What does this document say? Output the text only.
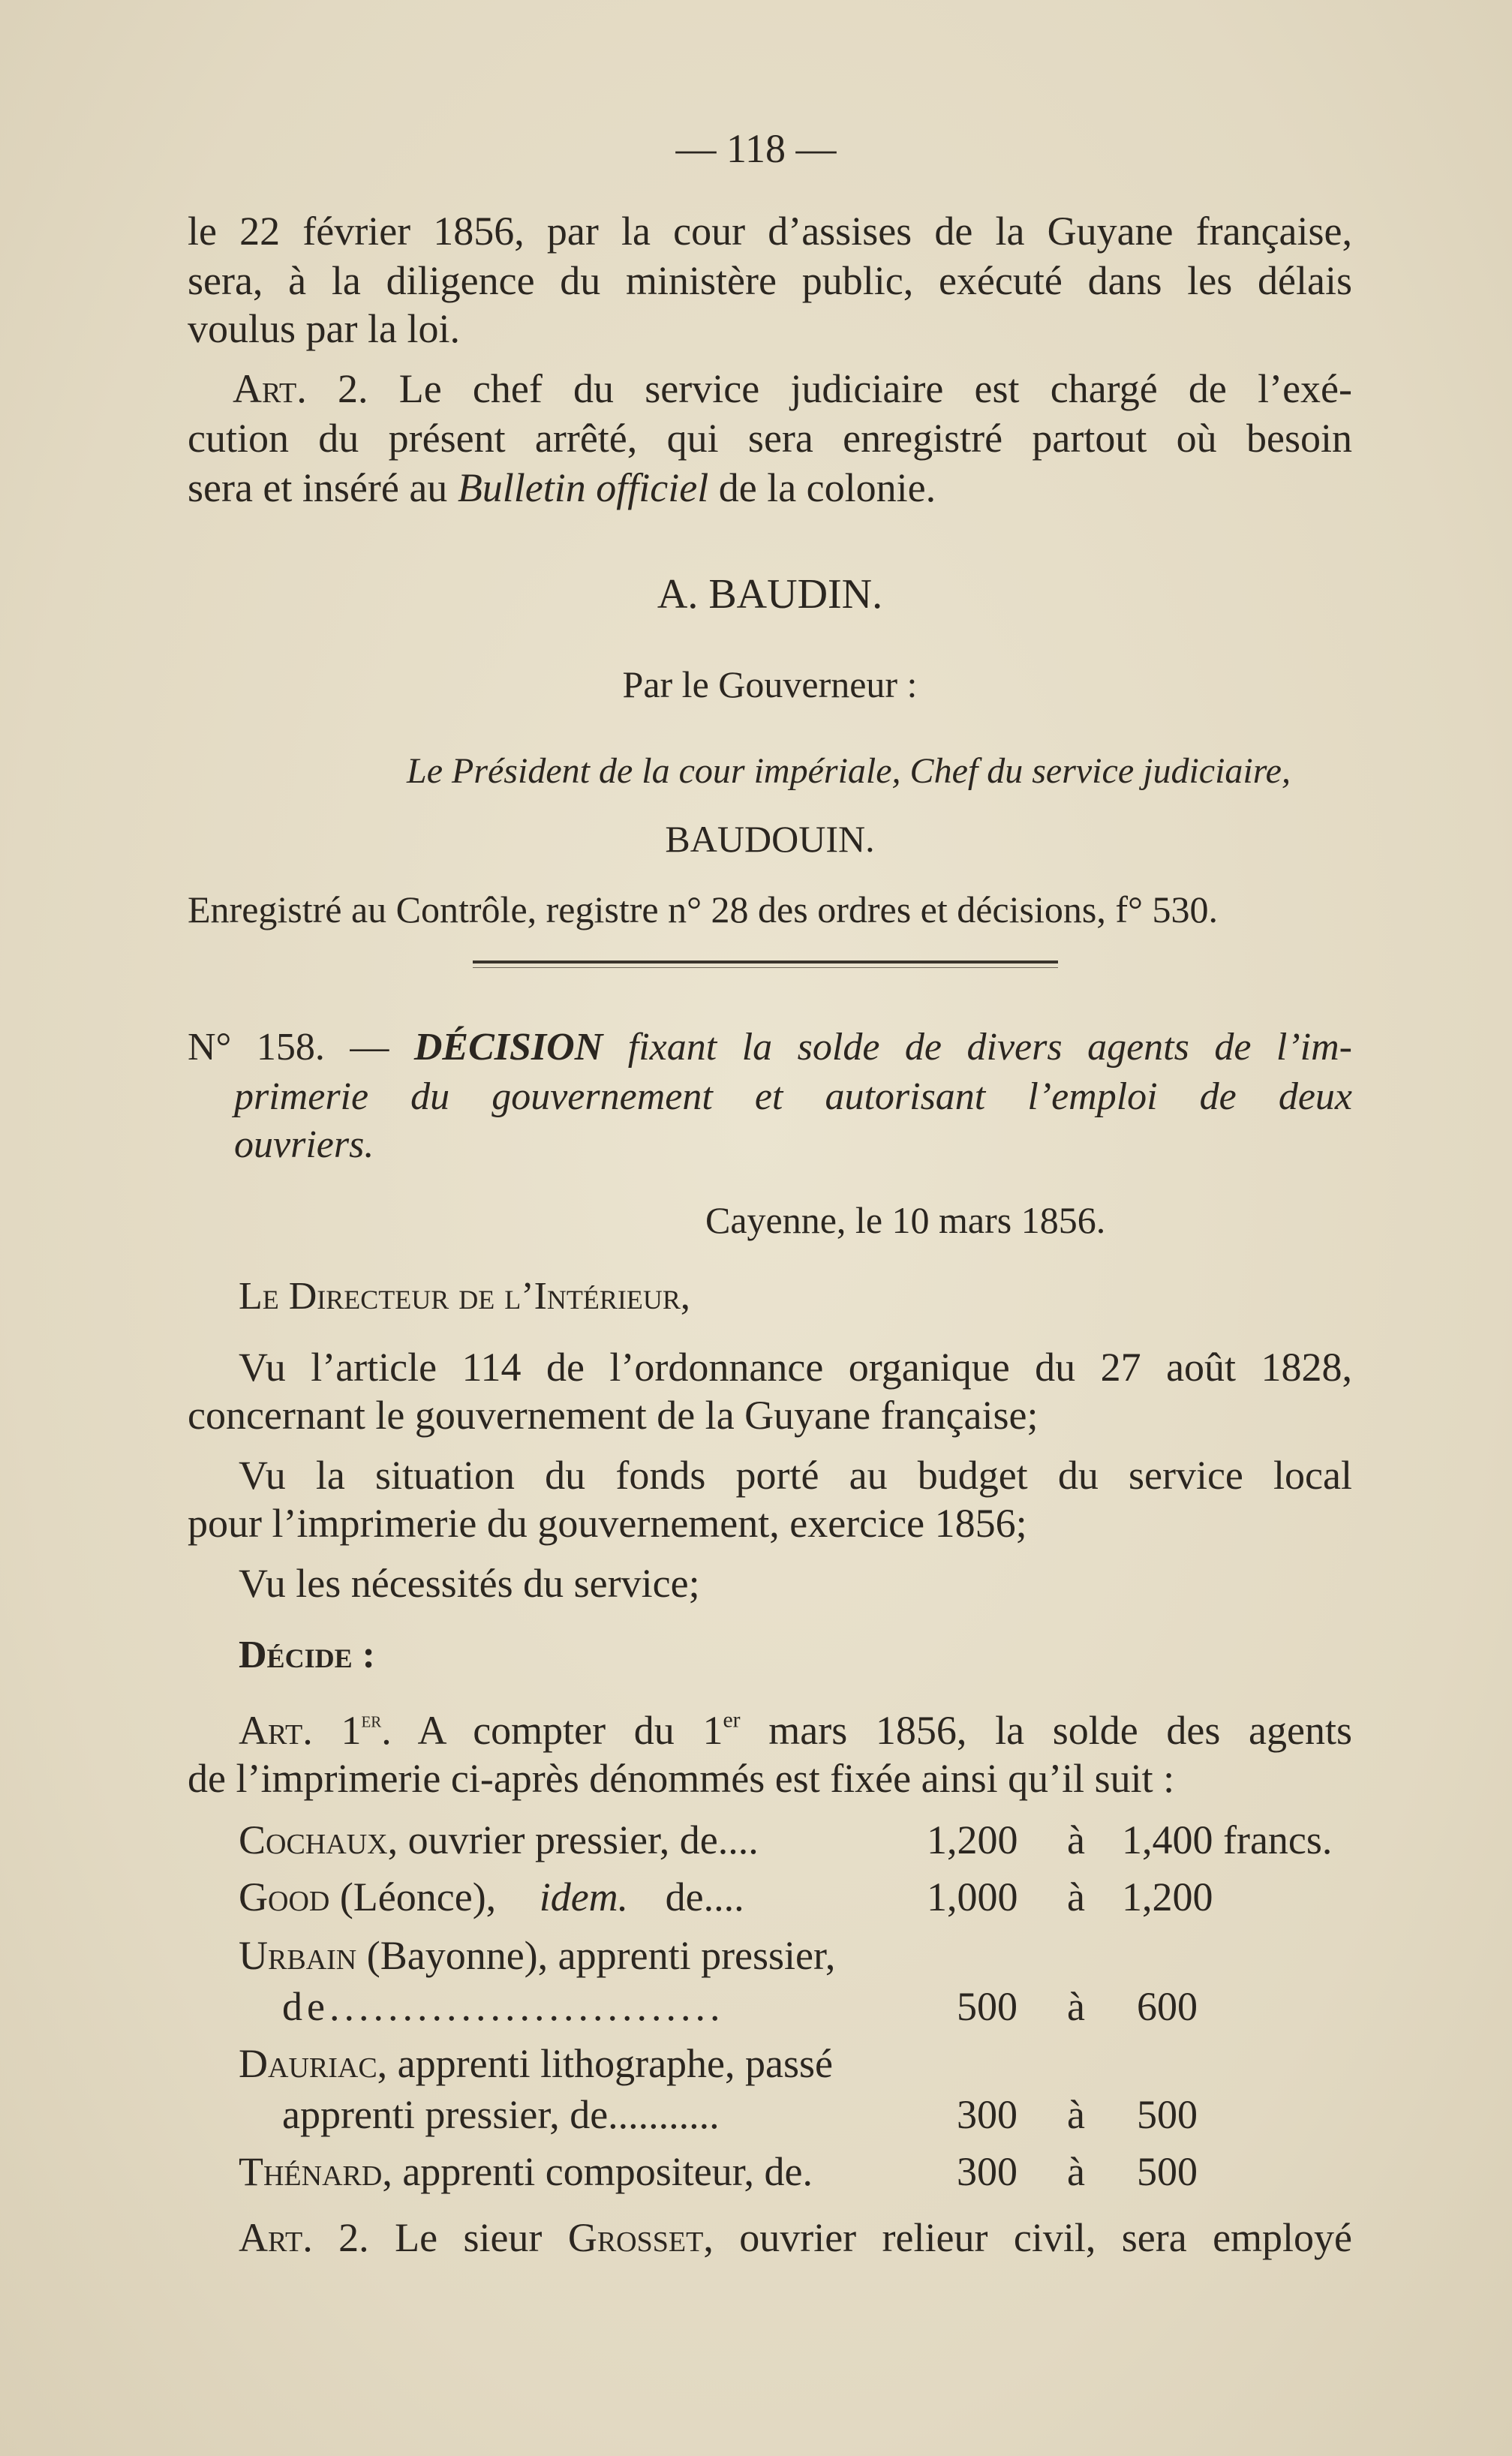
— 118 —
le 22 février 1856, par la cour d’assises de la Guyane française,
sera, à la diligence du ministère public, exécuté dans les délais
voulus par la loi.
Art. 2. Le chef du service judiciaire est chargé de l’exé-
cution du présent arrêté, qui sera enregistré partout où besoin
sera et inséré au Bulletin officiel de la colonie.
A. BAUDIN.
Par le Gouverneur :
Le Président de la cour impériale, Chef du service judiciaire,
BAUDOUIN.
Enregistré au Contrôle, registre n° 28 des ordres et décisions, f° 530.
N° 158. — DÉCISION fixant la solde de divers agents de l’im-
primerie du gouvernement et autorisant l’emploi de deux
ouvriers.
Cayenne, le 10 mars 1856.
Le Directeur de l’Intérieur,
Vu l’article 114 de l’ordonnance organique du 27 août 1828,
concernant le gouvernement de la Guyane française;
Vu la situation du fonds porté au budget du service local
pour l’imprimerie du gouvernement, exercice 1856;
Vu les nécessités du service;
Décide :
Art. 1er. A compter du 1er mars 1856, la solde des agents
de l’imprimerie ci-après dénommés est fixée ainsi qu’il suit :
Cochaux, ouvrier pressier, de....	1,200 à 1,400 francs.
Good (Léonce), idem. de....	1,000 à 1,200
Urbain (Bayonne), apprenti pressier,
de...........................	500 à 600
Dauriac, apprenti lithographe, passé
apprenti pressier, de...........	300 à 500
Thénard, apprenti compositeur, de.	300 à 500
Art. 2. Le sieur Grosset, ouvrier relieur civil, sera employé
